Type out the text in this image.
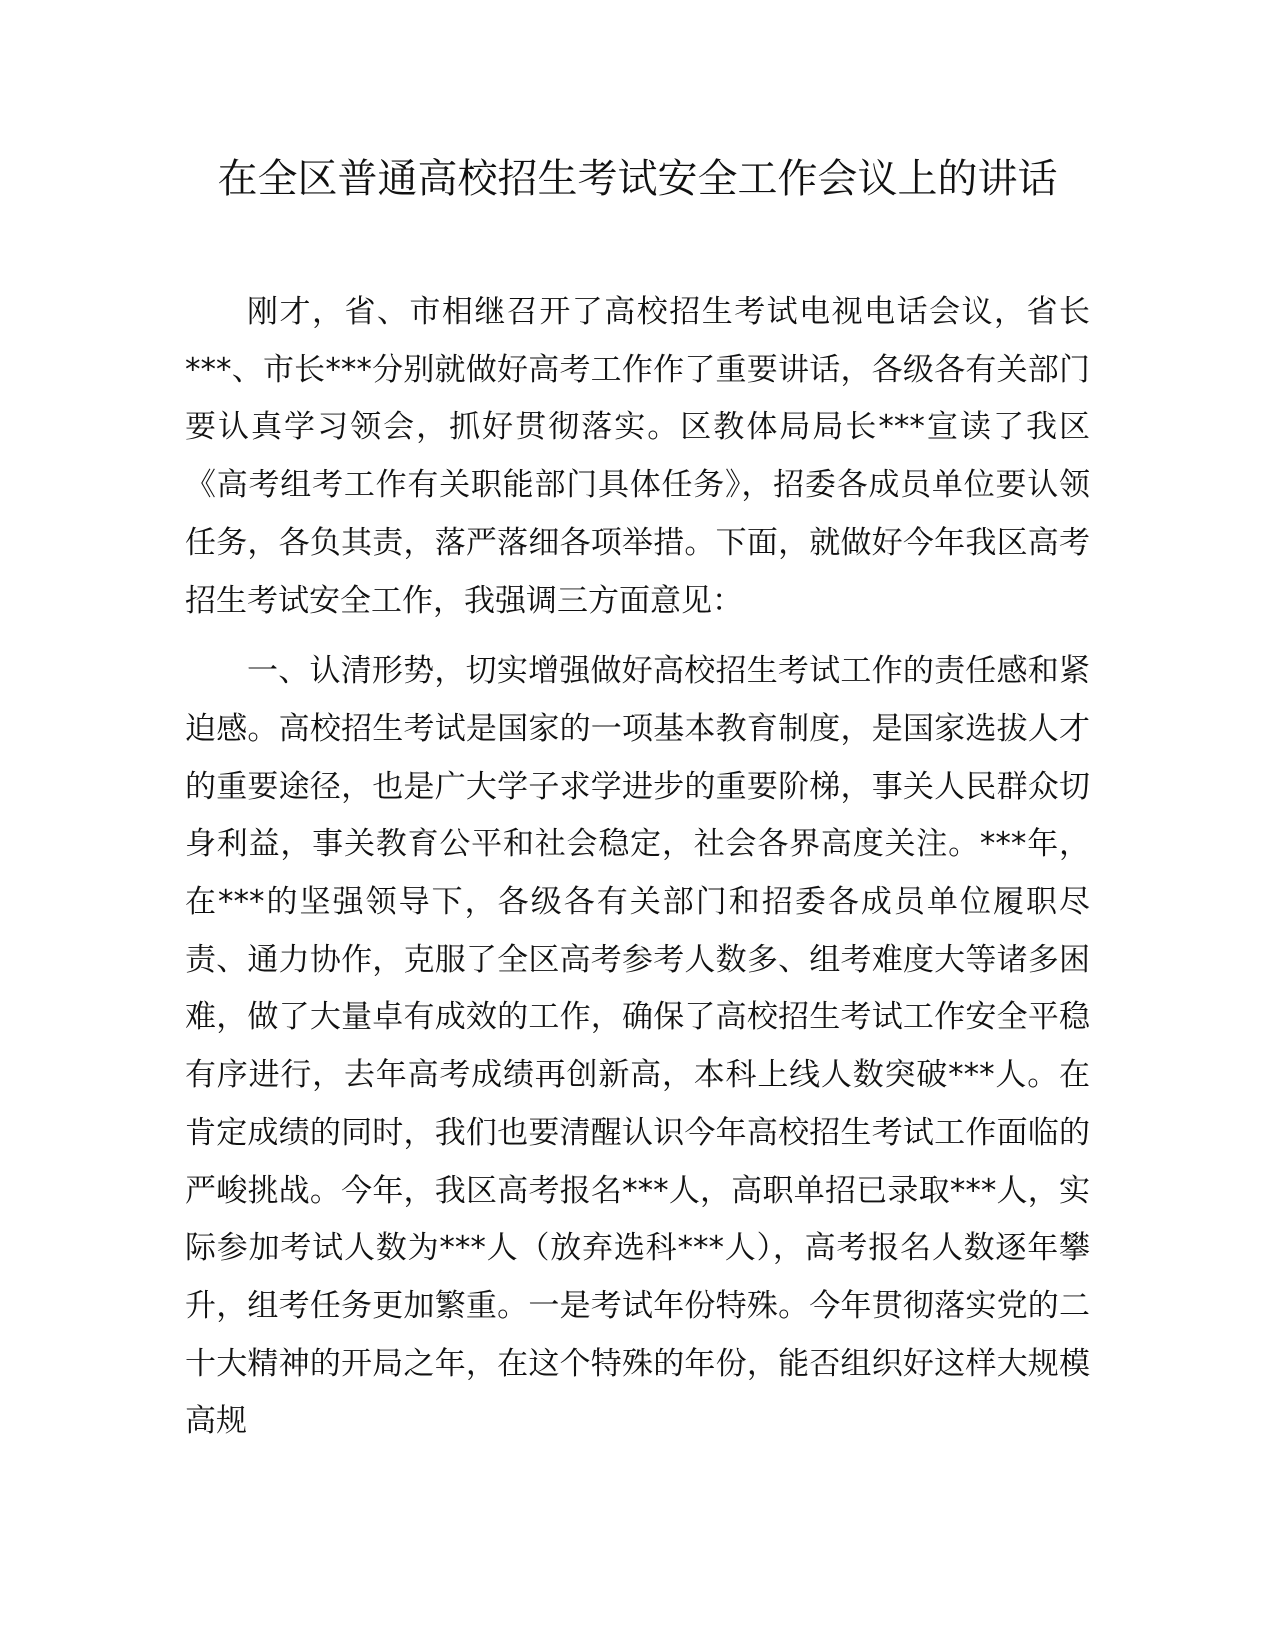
在全区普通高校招生考试安全工作会议上的讲话

刚才，省、市相继召开了高校招生考试电视电话会议，省长***、市长***分别就做好高考工作作了重要讲话，各级各有关部门要认真学习领会，抓好贯彻落实。区教体局局长***宣读了我区《高考组考工作有关职能部门具体任务》，招委各成员单位要认领任务，各负其责，落严落细各项举措。下面，就做好今年我区高考招生考试安全工作，我强调三方面意见：

一、认清形势，切实增强做好高校招生考试工作的责任感和紧迫感。高校招生考试是国家的一项基本教育制度，是国家选拔人才的重要途径，也是广大学子求学进步的重要阶梯，事关人民群众切身利益，事关教育公平和社会稳定，社会各界高度关注。***年，在***的坚强领导下，各级各有关部门和招委各成员单位履职尽责、通力协作，克服了全区高考参考人数多、组考难度大等诸多困难，做了大量卓有成效的工作，确保了高校招生考试工作安全平稳有序进行，去年高考成绩再创新高，本科上线人数突破***人。在肯定成绩的同时，我们也要清醒认识今年高校招生考试工作面临的严峻挑战。今年，我区高考报名***人，高职单招已录取***人，实际参加考试人数为***人（放弃选科***人），高考报名人数逐年攀升，组考任务更加繁重。一是考试年份特殊。今年贯彻落实党的二十大精神的开局之年，在这个特殊的年份，能否组织好这样大规模高规
